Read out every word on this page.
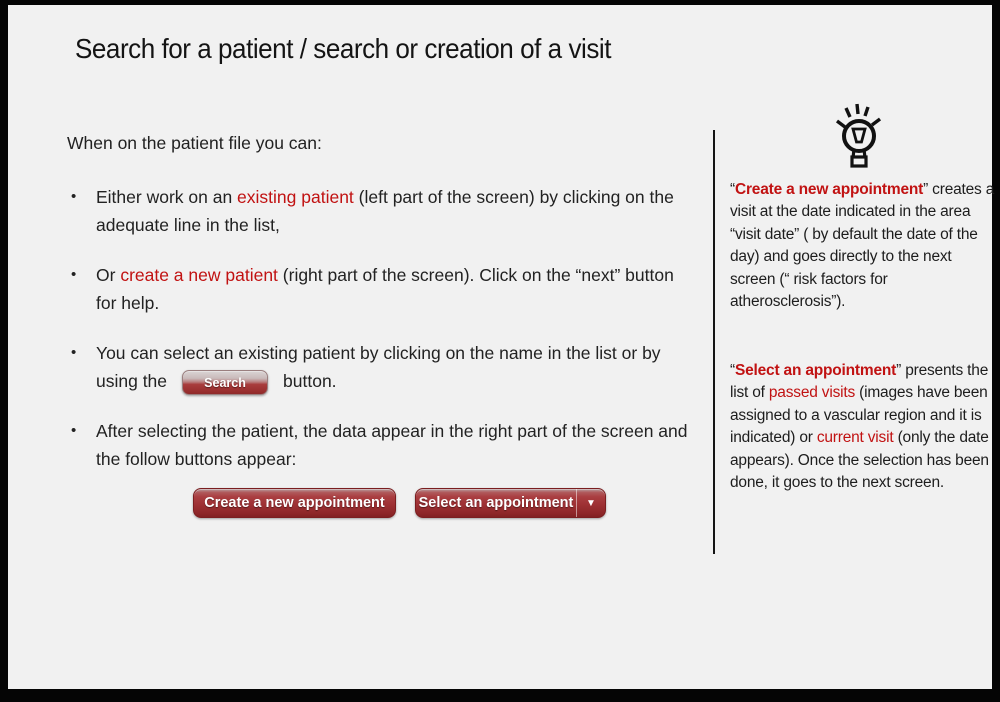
Search for a patient / search or creation of a visit
When on the patient file you can:
• Either work on an existing patient (left part of the screen) by clicking on the adequate line in the list,
• Or create a new patient (right part of the screen). Click on the “next” button for help.
• You can select an existing patient by clicking on the name in the list or by using the	Search button.
• After selecting the patient, the data appear in the right part of the screen and the follow buttons appear:
Create a new appointment	Select an appointment	▼
“Create a new appointment” creates a visit at the date indicated in the area “visit date” ( by default the date of the day) and goes directly to the next screen (“ risk factors for atherosclerosis”).
“Select an appointment” presents the list of passed visits (images have been assigned to a vascular region and it is indicated) or current visit (only the date appears). Once the selection has been done, it goes to the next screen.
